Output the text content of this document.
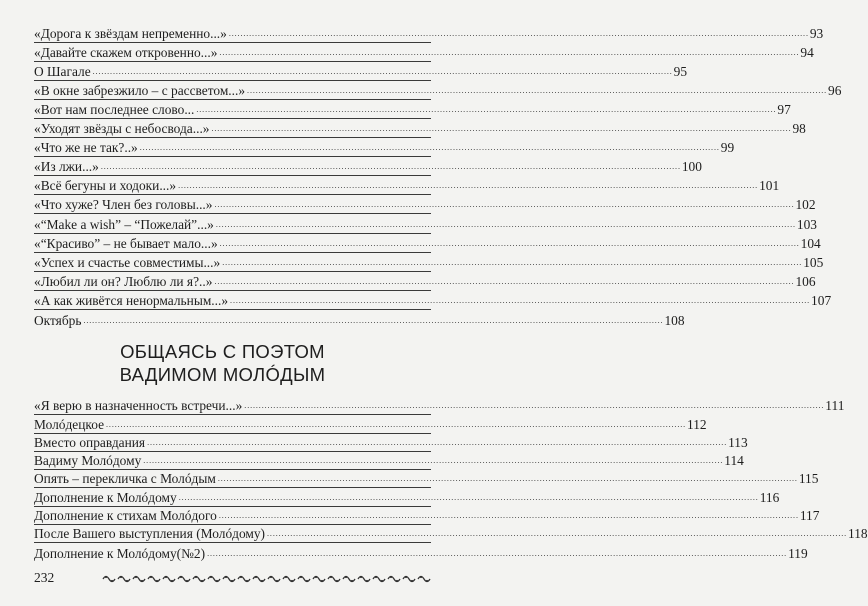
«Дорога к звёздам непременно...» ........................................................................................................................................................................................................ 93
«Давайте скажем откровенно...» ........................................................................................................................................................................................................ 94
О Шагале ........................................................................................................................................................................................................ 95
«В окне забрезжило – с рассветом...» ........................................................................................................................................................................................................ 96
«Вот нам последнее слово... ........................................................................................................................................................................................................ 97
«Уходят звёзды с небосвода...» ........................................................................................................................................................................................................ 98
«Что же не так?..» ........................................................................................................................................................................................................ 99
«Из лжи...» ........................................................................................................................................................................................................ 100
«Всё бегуны и ходоки...» ........................................................................................................................................................................................................ 101
«Что хуже? Член без головы...» ........................................................................................................................................................................................................ 102
«“Make a wish” – “Пожелай”...» ........................................................................................................................................................................................................ 103
«“Красиво” – не бывает мало...» ........................................................................................................................................................................................................ 104
«Успех и счастье совместимы...» ........................................................................................................................................................................................................ 105
«Любил ли он? Люблю ли я?..» ........................................................................................................................................................................................................ 106
«А как живётся ненормальным...» ........................................................................................................................................................................................................ 107
Октябрь ........................................................................................................................................................................................................ 108
ОБЩАЯСЬ С ПОЭТОМ
ВАДИМОМ МОЛÓДЫМ
«Я верю в назначенность встречи...» ........................................................................................................................................................................................................ 111
Молóдецкое ........................................................................................................................................................................................................ 112
Вместо оправдания ........................................................................................................................................................................................................ 113
Вадиму Молóдому ........................................................................................................................................................................................................ 114
Опять – перекличка с Молóдым ........................................................................................................................................................................................................ 115
Дополнение к Молóдому ........................................................................................................................................................................................................ 116
Дополнение к стихам Молóдого ........................................................................................................................................................................................................ 117
После Вашего выступления (Молóдому) ........................................................................................................................................................................................................ 118
Дополнение к Молóдому(№2) ........................................................................................................................................................................................................ 119
232
